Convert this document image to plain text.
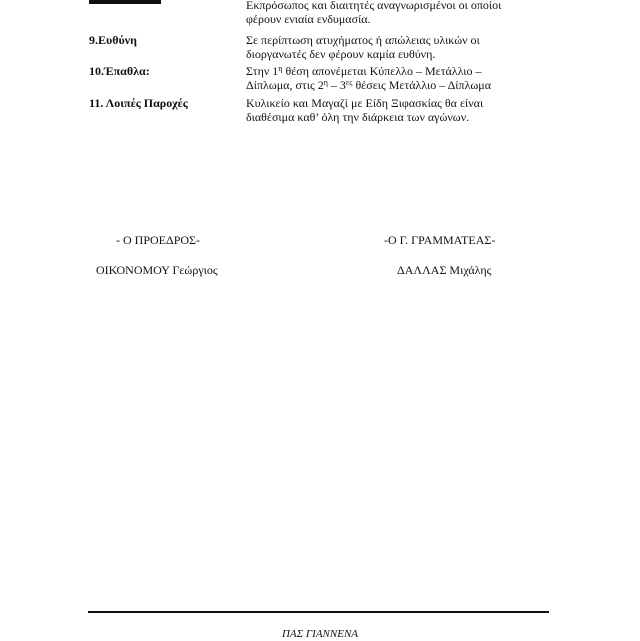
Εκπρόσωπος και διαιτητές αναγνωρισμένοι οι οποίοι
φέρουν ενιαία ενδυμασία.
9.Ευθύνη	Σε περίπτωση ατυχήματος ή απώλειας υλικών οι
διοργανωτές δεν φέρουν καμία ευθύνη.
10.Έπαθλα:	Στην $1^\eta$ θέση απονέμεται Κύπελλο – Μετάλλιο –
Δίπλωμα, στις $2^\eta - 3^{\varepsilon\varsigma}$ θέσεις Μετάλλιο – Δίπλωμα
11. Λοιπές Παροχές	Κυλικείο και Μαγαζί με Είδη Ξιφασκίας θα είναι
διαθέσιμα καθ’ όλη την διάρκεια των αγώνων.
- Ο ΠΡΟΕΔΡΟΣ-
ΟΙΚΟΝΟΜΟΥ Γεώργιος
-Ο Γ. ΓΡΑΜΜΑΤΕΑΣ-
ΔΑΛΛΑΣ Μιχάλης
ΠΑΣ ΓΙΑΝΝΕΝΑ
